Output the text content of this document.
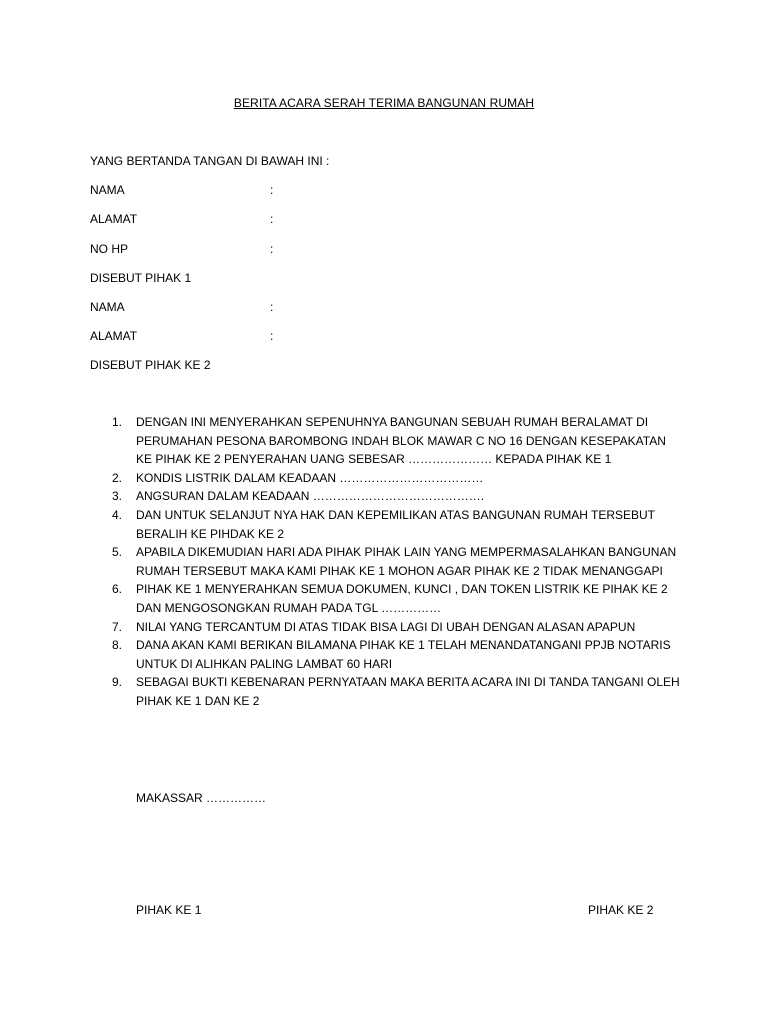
BERITA ACARA SERAH TERIMA BANGUNAN RUMAH
YANG BERTANDA TANGAN DI BAWAH INI :
NAMA	:
ALAMAT	:
NO HP	:
DISEBUT PIHAK 1
NAMA	:
ALAMAT	:
DISEBUT PIHAK KE 2
1. DENGAN INI MENYERAHKAN SEPENUHNYA BANGUNAN SEBUAH RUMAH BERALAMAT DI PERUMAHAN PESONA BAROMBONG INDAH BLOK MAWAR C NO 16 DENGAN KESEPAKATAN KE PIHAK KE 2 PENYERAHAN UANG SEBESAR ………………… KEPADA PIHAK KE 1
2. KONDIS LISTRIK DALAM KEADAAN ………………………………
3. ANGSURAN DALAM KEADAAN …………………………………….
4. DAN UNTUK SELANJUT NYA HAK DAN KEPEMILIKAN ATAS BANGUNAN RUMAH TERSEBUT BERALIH KE PIHDAK KE 2
5. APABILA DIKEMUDIAN HARI ADA PIHAK PIHAK LAIN YANG MEMPERMASALAHKAN BANGUNAN RUMAH TERSEBUT MAKA KAMI PIHAK KE 1 MOHON AGAR PIHAK KE 2 TIDAK MENANGGAPI
6. PIHAK KE 1 MENYERAHKAN SEMUA DOKUMEN, KUNCI , DAN TOKEN LISTRIK KE PIHAK KE 2 DAN MENGOSONGKAN RUMAH PADA TGL ……………
7. NILAI YANG TERCANTUM DI ATAS TIDAK BISA LAGI DI UBAH DENGAN ALASAN APAPUN
8. DANA AKAN KAMI BERIKAN BILAMANA PIHAK KE 1 TELAH MENANDATANGANI PPJB NOTARIS UNTUK DI ALIHKAN PALING LAMBAT 60 HARI
9. SEBAGAI BUKTI KEBENARAN PERNYATAAN MAKA BERITA ACARA INI DI TANDA TANGANI OLEH PIHAK KE 1 DAN KE 2
MAKASSAR ……………
PIHAK KE 1	PIHAK KE 2
